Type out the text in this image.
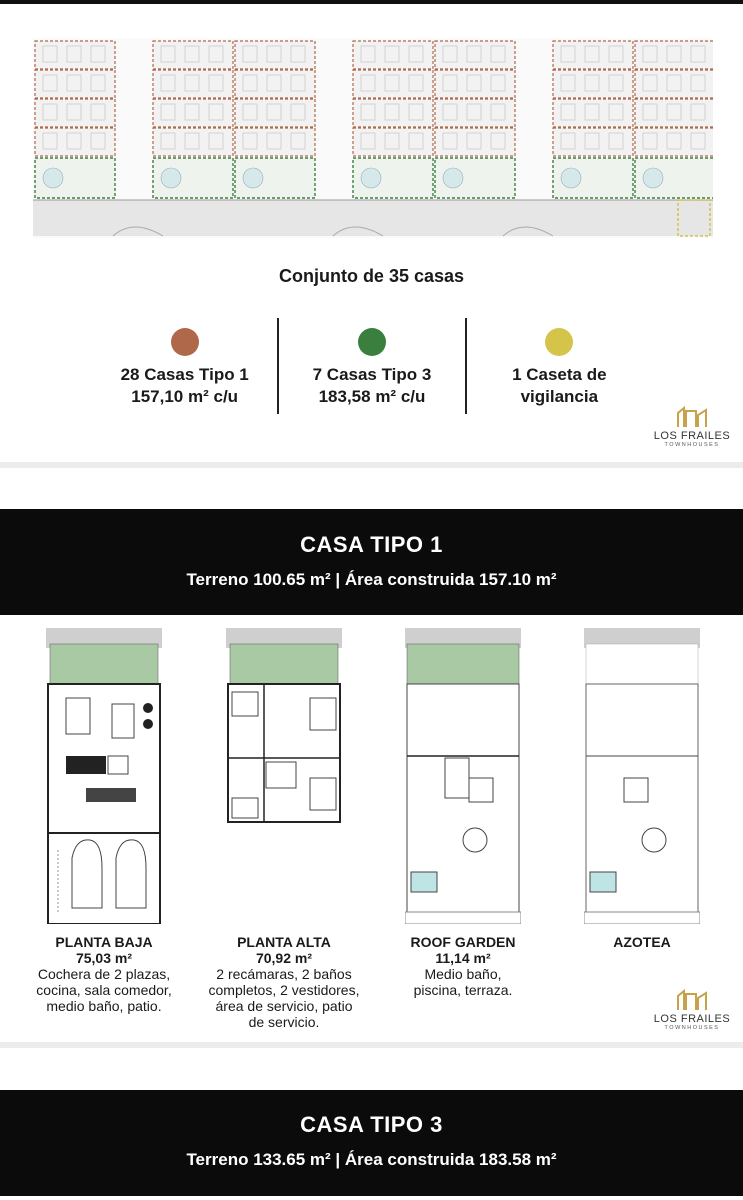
Conjunto de 35 casas
28 Casas Tipo 1
157,10 m² c/u
7 Casas Tipo 3
183,58 m² c/u
1 Caseta de
vigilancia
LOS FRAILES
TOWNHOUSES
CASA TIPO 1
Terreno 100.65 m² | Área construida 157.10 m²
PLANTA BAJA
75,03 m²
Cochera de 2 plazas,
cocina, sala comedor,
medio baño, patio.
PLANTA ALTA
70,92 m²
2 recámaras, 2 baños
completos, 2 vestidores,
área de servicio, patio
de servicio.
ROOF GARDEN
11,14 m²
Medio baño,
piscina, terraza.
AZOTEA
LOS FRAILES
TOWNHOUSES
CASA TIPO 3
Terreno 133.65 m² | Área construida 183.58 m²
